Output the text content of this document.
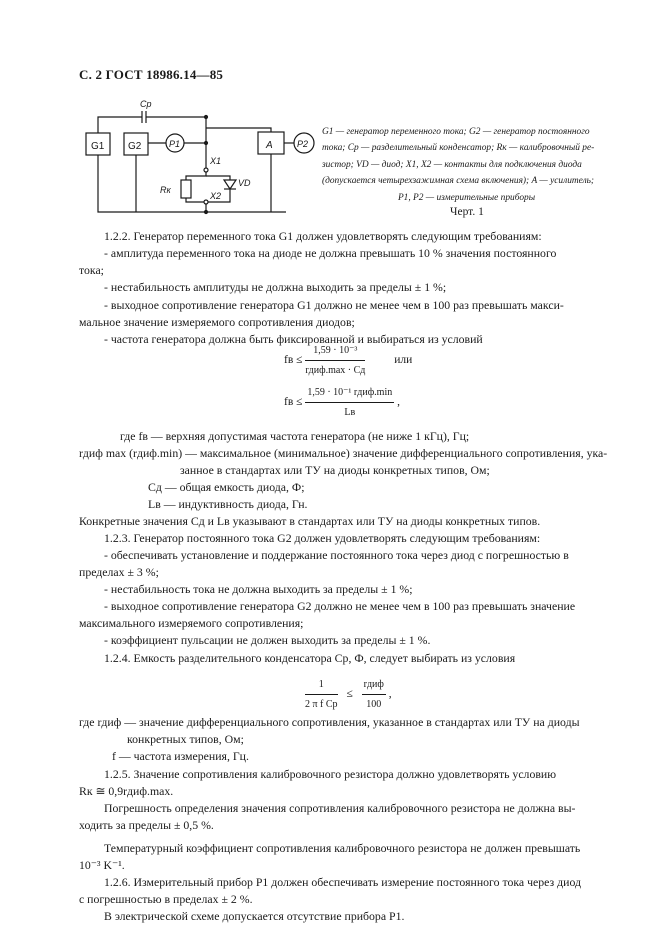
С. 2 ГОСТ 18986.14—85
G1 G2
Cp
P1
X1
Rк
VD
X2
A	P2
G1 — генератор переменного тока; G2 — генератор постоянного
тока; Cр — разделительный конденсатор; Rк — калибровочный ре-
зистор; VD — диод; X1, X2 — контакты для подключения диода
(допускается четырехзажимная схема включения); A — усилитель;
P1, P2 — измерительные приборы
Черт. 1
1.2.2. Генератор переменного тока G1 должен удовлетворять следующим требованиям:
- амплитуда переменного тока на диоде не должна превышать 10 % значения постоянного
тока;
- нестабильность амплитуды не должна выходить за пределы ± 1 %;
- выходное сопротивление генератора G1 должно не менее чем в 100 раз превышать макси-
мальное значение измеряемого сопротивления диодов;
- частота генератора должна быть фиксированной и выбираться из условий
fв ≤ $\frac{\text{1,59 · 10⁻³}}{\text{rдиф.max · Cд}}$	или
fв ≤ $\frac{\text{1,59 · 10⁻¹ rдиф.min}}{Lв}$ ,
где fв — верхняя допустимая частота генератора (не ниже 1 кГц), Гц;
rдиф max (rдиф.min) — максимальное (минимальное) значение дифференциального сопротивления, ука-
занное в стандартах или ТУ на диоды конкретных типов, Ом;
Cд — общая емкость диода, Ф;
Lв — индуктивность диода, Гн.
Конкретные значения Cд и Lв указывают в стандартах или ТУ на диоды конкретных типов.
1.2.3. Генератор постоянного тока G2 должен удовлетворять следующим требованиям:
- обеспечивать установление и поддержание постоянного тока через диод с погрешностью в
пределах ± 3 %;
- нестабильность тока не должна выходить за пределы ± 1 %;
- выходное сопротивление генератора G2 должно не менее чем в 100 раз превышать значение
максимального измеряемого сопротивления;
- коэффициент пульсации не должен выходить за пределы ± 1 %.
1.2.4. Емкость разделительного конденсатора Cр, Ф, следует выбирать из условия
$\frac{1}{\text{2 π f Cр}} \le \frac{\text{rдиф}}{100}$ ,
где rдиф — значение дифференциального сопротивления, указанное в стандартах или ТУ на диоды
конкретных типов, Ом;
f — частота измерения, Гц.
1.2.5. Значение сопротивления калибровочного резистора должно удовлетворять условию
Rк ≅ 0,9rдиф.max.
Погрешность определения значения сопротивления калибровочного резистора не должна вы-
ходить за пределы ± 0,5 %.
Температурный коэффициент сопротивления калибровочного резистора не должен превышать
10⁻³ K⁻¹.
1.2.6. Измерительный прибор P1 должен обеспечивать измерение постоянного тока через диод
с погрешностью в пределах ± 2 %.
В электрической схеме допускается отсутствие прибора P1.
